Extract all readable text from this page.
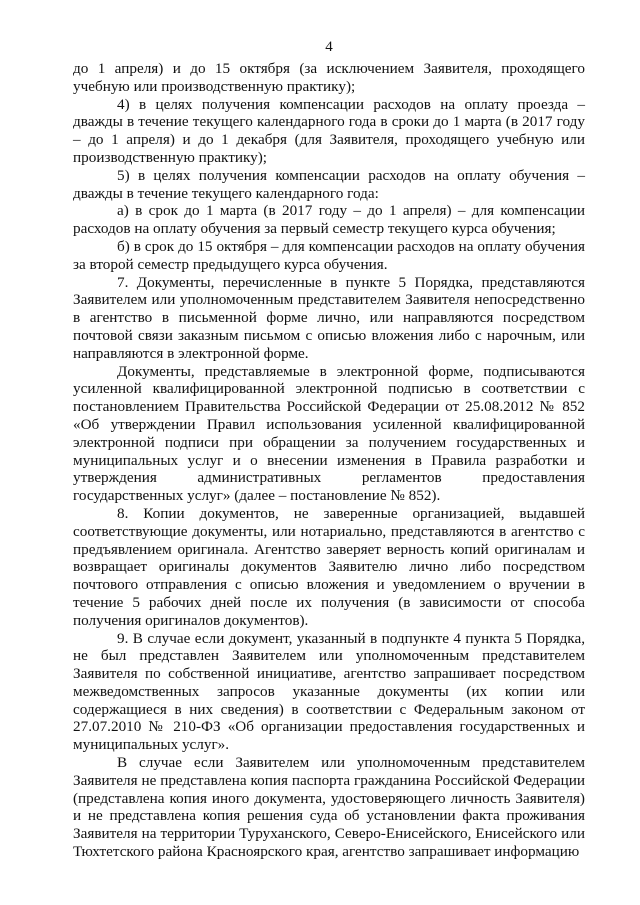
4

до 1 апреля) и до 15 октября (за исключением Заявителя, проходящего учебную или производственную практику);

4) в целях получения компенсации расходов на оплату проезда – дважды в течение текущего календарного года в сроки до 1 марта (в 2017 году – до 1 апреля) и до 1 декабря (для Заявителя, проходящего учебную или производственную практику);

5) в целях получения компенсации расходов на оплату обучения – дважды в течение текущего календарного года:

а) в срок до 1 марта (в 2017 году – до 1 апреля) – для компенсации расходов на оплату обучения за первый семестр текущего курса обучения;

б) в срок до 15 октября – для компенсации расходов на оплату обучения за второй семестр предыдущего курса обучения.

7. Документы, перечисленные в пункте 5 Порядка, представляются Заявителем или уполномоченным представителем Заявителя непосредственно в агентство в письменной форме лично, или направляются посредством почтовой связи заказным письмом с описью вложения либо с нарочным, или направляются в электронной форме.

Документы, представляемые в электронной форме, подписываются усиленной квалифицированной электронной подписью в соответствии с постановлением Правительства Российской Федерации от 25.08.2012 № 852 «Об утверждении Правил использования усиленной квалифицированной электронной подписи при обращении за получением государственных и муниципальных услуг и о внесении изменения в Правила разработки и утверждения административных регламентов предоставления государственных услуг» (далее – постановление № 852).

8. Копии документов, не заверенные организацией, выдавшей соответствующие документы, или нотариально, представляются в агентство с предъявлением оригинала. Агентство заверяет верность копий оригиналам и возвращает оригиналы документов Заявителю лично либо посредством почтового отправления с описью вложения и уведомлением о вручении в течение 5 рабочих дней после их получения (в зависимости от способа получения оригиналов документов).

9. В случае если документ, указанный в подпункте 4 пункта 5 Порядка, не был представлен Заявителем или уполномоченным представителем Заявителя по собственной инициативе, агентство запрашивает посредством межведомственных запросов указанные документы (их копии или содержащиеся в них сведения) в соответствии с Федеральным законом от 27.07.2010 № 210-ФЗ «Об организации предоставления государственных и муниципальных услуг».

В случае если Заявителем или уполномоченным представителем Заявителя не представлена копия паспорта гражданина Российской Федерации (представлена копия иного документа, удостоверяющего личность Заявителя) и не представлена копия решения суда об установлении факта проживания Заявителя на территории Туруханского, Северо-Енисейского, Енисейского или Тюхтетского района Красноярского края, агентство запрашивает информацию
